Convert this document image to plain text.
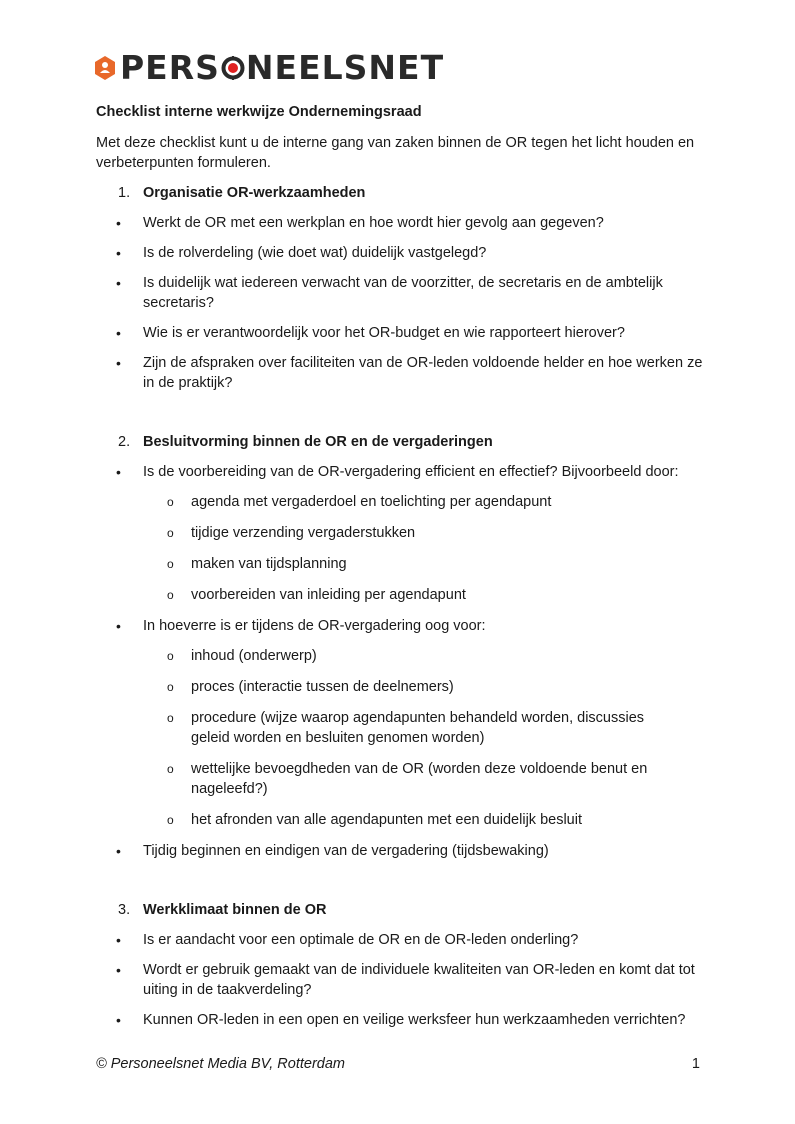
PERS NEELSNET
Checklist interne werkwijze Ondernemingsraad
Met deze checklist kunt u de interne gang van zaken binnen de OR tegen het licht houden en verbeterpunten formuleren.
1. Organisatie OR-werkzaamheden
•	Werkt de OR met een werkplan en hoe wordt hier gevolg aan gegeven?
•	Is de rolverdeling (wie doet wat) duidelijk vastgelegd?
•	Is duidelijk wat iedereen verwacht van de voorzitter, de secretaris en de ambtelijk secretaris?
•	Wie is er verantwoordelijk voor het OR-budget en wie rapporteert hierover?
•	Zijn de afspraken over faciliteiten van de OR-leden voldoende helder en hoe werken ze in de praktijk?
2. Besluitvorming binnen de OR en de vergaderingen
•	Is de voorbereiding van de OR-vergadering efficient en effectief? Bijvoorbeeld door:
o	agenda met vergaderdoel en toelichting per agendapunt
o	tijdige verzending vergaderstukken
o	maken van tijdsplanning
o	voorbereiden van inleiding per agendapunt
•	In hoeverre is er tijdens de OR-vergadering oog voor:
o	inhoud (onderwerp)
o	proces (interactie tussen de deelnemers)
o	procedure (wijze waarop agendapunten behandeld worden, discussies geleid worden en besluiten genomen worden)
o	wettelijke bevoegdheden van de OR (worden deze voldoende benut en nageleefd?)
o	het afronden van alle agendapunten met een duidelijk besluit
•	Tijdig beginnen en eindigen van de vergadering (tijdsbewaking)
3. Werkklimaat binnen de OR
•	Is er aandacht voor een optimale de OR en de OR-leden onderling?
•	Wordt er gebruik gemaakt van de individuele kwaliteiten van OR-leden en komt dat tot uiting in de taakverdeling?
•	Kunnen OR-leden in een open en veilige werksfeer hun werkzaamheden verrichten?
© Personeelsnet Media BV, Rotterdam	1
